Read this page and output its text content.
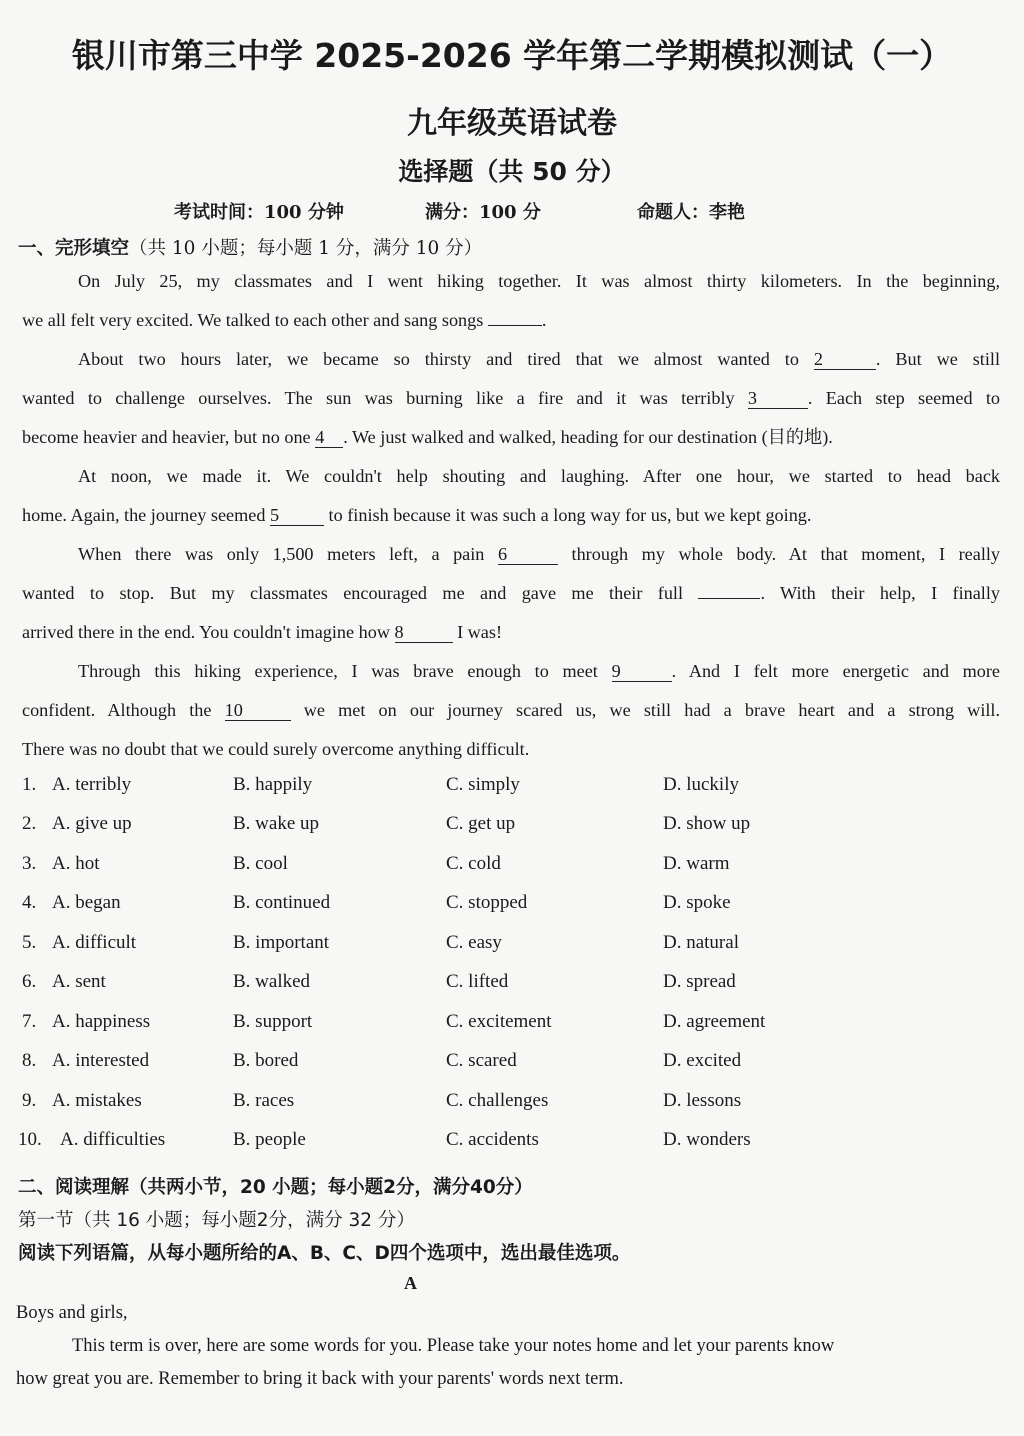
银川市第三中学 2025-2026 学年第二学期模拟测试（一）
九年级英语试卷
选择题（共 50 分）
考试时间：100 分钟	满分：100 分	命题人：李艳
一、完形填空（共 10 小题；每小题 1 分，满分 10 分）
On July 25, my classmates and I went hiking together. It was almost thirty kilometers. In the beginning,
we all felt very excited. We talked to each other and sang songs	.
About two hours later, we became so thirsty and tired that we almost wanted to 2	. But we still
wanted to challenge ourselves. The sun was burning like a fire and it was terribly 3	. Each step seemed to
become heavier and heavier, but no one 4 . We just walked and walked, heading for our destination (目的地).
At noon, we made it. We couldn't help shouting and laughing. After one hour, we started to head back
home. Again, the journey seemed 5	to finish because it was such a long way for us, but we kept going.
When there was only 1,500 meters left, a pain 6	through my whole body. At that moment, I really
wanted to stop. But my classmates encouraged me and gave me their full	. With their help, I finally
arrived there in the end. You couldn't imagine how 8	I was!
Through this hiking experience, I was brave enough to meet 9	. And I felt more energetic and more
confident. Although the 10	we met on our journey scared us, we still had a brave heart and a strong will.
There was no doubt that we could surely overcome anything difficult.
1. A. terribly	B. happily	C. simply	D. luckily
2. A. give up	B. wake up	C. get up	D. show up
3. A. hot	B. cool	C. cold	D. warm
4. A. began	B. continued	C. stopped	D. spoke
5. A. difficult	B. important	C. easy	D. natural
6. A. sent	B. walked	C. lifted	D. spread
7. A. happiness	B. support	C. excitement	D. agreement
8. A. interested	B. bored	C. scared	D. excited
9. A. mistakes	B. races	C. challenges	D. lessons
10. A. difficulties	B. people	C. accidents	D. wonders
二、阅读理解（共两小节，20 小题；每小题2分，满分40分）
第一节（共 16 小题；每小题2分，满分 32 分）
阅读下列语篇，从每小题所给的A、B、C、D四个选项中，选出最佳选项。
A
Boys and girls,
This term is over, here are some words for you. Please take your notes home and let your parents know
how great you are. Remember to bring it back with your parents' words next term.
